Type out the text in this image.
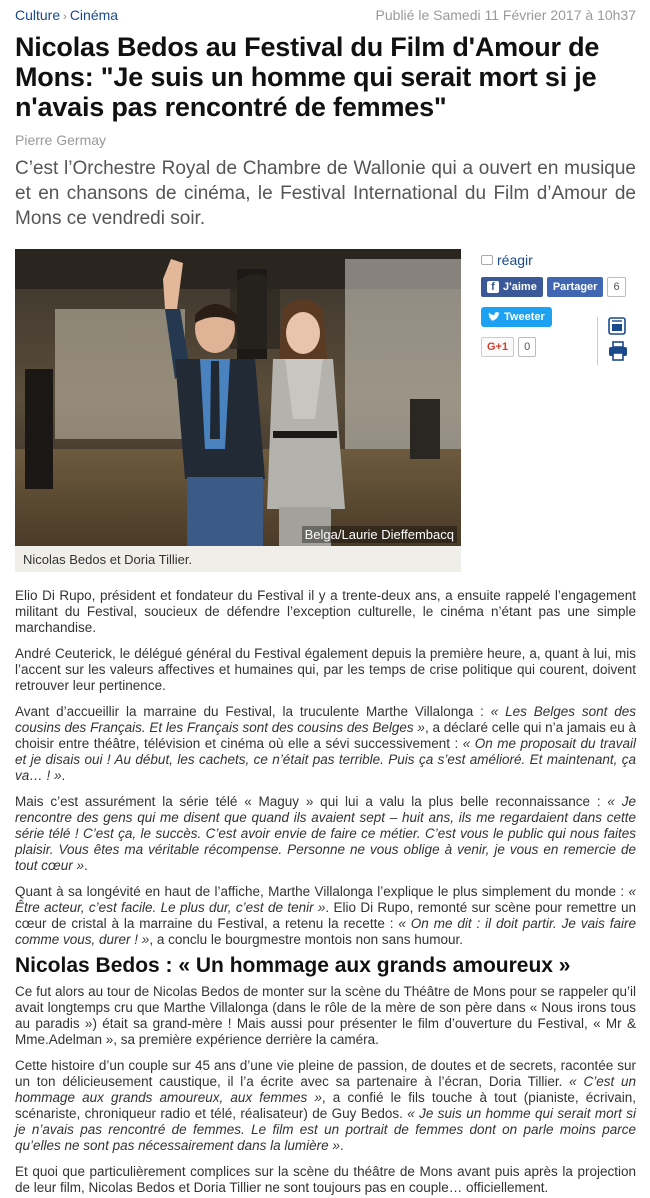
Culture › Cinéma	Publié le Samedi 11 Février 2017 à 10h37
Nicolas Bedos au Festival du Film d'Amour de Mons: "Je suis un homme qui serait mort si je n'avais pas rencontré de femmes"
Pierre Germay

C’est l’Orchestre Royal de Chambre de Wallonie qui a ouvert en musique et en chansons de cinéma, le Festival International du Film d’Amour de Mons ce vendredi soir.

Belga/Laurie Dieffembacq
Nicolas Bedos et Doria Tillier.
réagir
f J'aime	Partager	6
Tweeter
G+1	0

Elio Di Rupo, président et fondateur du Festival il y a trente-deux ans, a ensuite rappelé l’engagement militant du Festival, soucieux de défendre l’exception culturelle, le cinéma n’étant pas une simple marchandise.

André Ceuterick, le délégué général du Festival également depuis la première heure, a, quant à lui, mis l’accent sur les valeurs affectives et humaines qui, par les temps de crise politique qui courent, doivent retrouver leur pertinence.

Avant d’accueillir la marraine du Festival, la truculente Marthe Villalonga : « Les Belges sont des cousins des Français. Et les Français sont des cousins des Belges », a déclaré celle qui n’a jamais eu à choisir entre théâtre, télévision et cinéma où elle a sévi successivement : « On me proposait du travail et je disais oui ! Au début, les cachets, ce n’était pas terrible. Puis ça s’est amélioré. Et maintenant, ça va… ! ».

Mais c’est assurément la série télé « Maguy » qui lui a valu la plus belle reconnaissance : « Je rencontre des gens qui me disent que quand ils avaient sept – huit ans, ils me regardaient dans cette série télé ! C’est ça, le succès. C’est avoir envie de faire ce métier. C’est vous le public qui nous faites plaisir. Vous êtes ma véritable récompense. Personne ne vous oblige à venir, je vous en remercie de tout cœur ».

Quant à sa longévité en haut de l’affiche, Marthe Villalonga l’explique le plus simplement du monde : « Être acteur, c’est facile. Le plus dur, c’est de tenir ». Elio Di Rupo, remonté sur scène pour remettre un cœur de cristal à la marraine du Festival, a retenu la recette : « On me dit : il doit partir. Je vais faire comme vous, durer ! », a conclu le bourgmestre montois non sans humour.

Nicolas Bedos : « Un hommage aux grands amoureux »

Ce fut alors au tour de Nicolas Bedos de monter sur la scène du Théâtre de Mons pour se rappeler qu’il avait longtemps cru que Marthe Villalonga (dans le rôle de la mère de son père dans « Nous irons tous au paradis ») était sa grand-mère ! Mais aussi pour présenter le film d’ouverture du Festival, « Mr & Mme.Adelman », sa première expérience derrière la caméra.

Cette histoire d’un couple sur 45 ans d’une vie pleine de passion, de doutes et de secrets, racontée sur un ton délicieusement caustique, il l’a écrite avec sa partenaire à l’écran, Doria Tillier. « C’est un hommage aux grands amoureux, aux femmes », a confié le fils touche à tout (pianiste, écrivain, scénariste, chroniqueur radio et télé, réalisateur) de Guy Bedos. « Je suis un homme qui serait mort si je n’avais pas rencontré de femmes. Le film est un portrait de femmes dont on parle moins parce qu’elles ne sont pas nécessairement dans la lumière ».

Et quoi que particulièrement complices sur la scène du théâtre de Mons avant puis après la projection de leur film, Nicolas Bedos et Doria Tillier ne sont toujours pas en couple… officiellement.
